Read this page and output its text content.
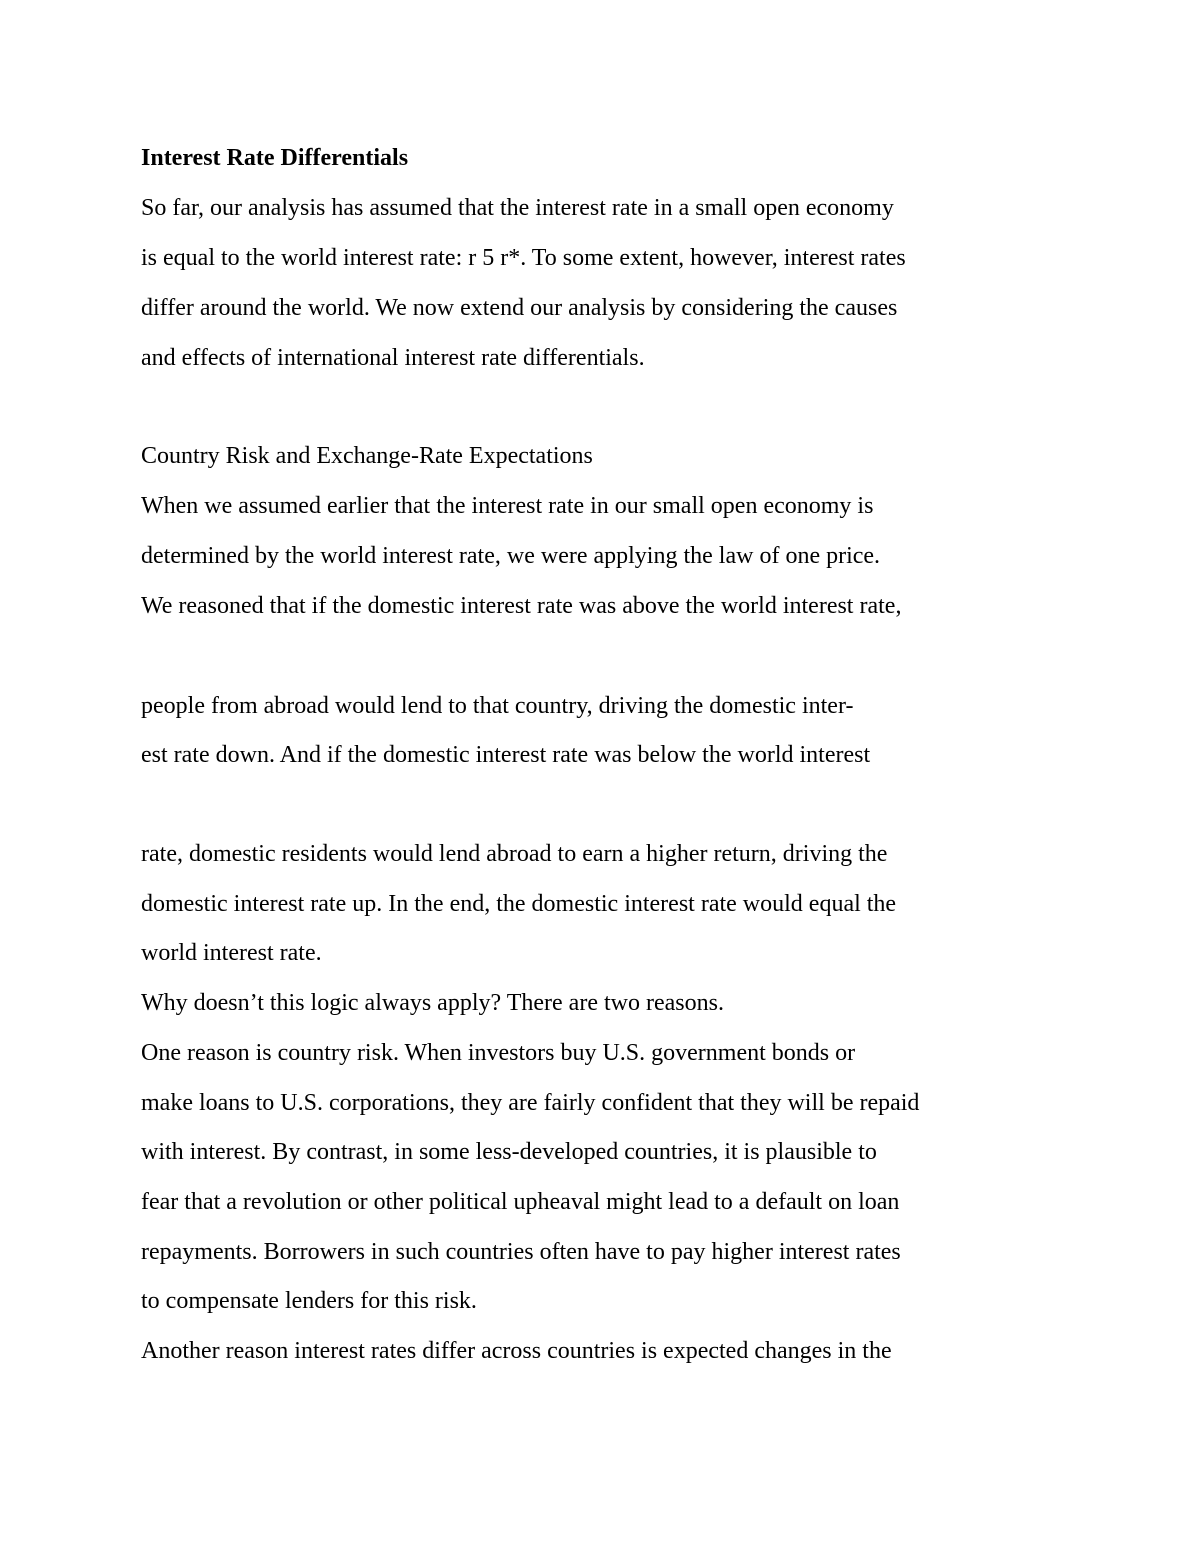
Interest Rate Differentials
So far, our analysis has assumed that the interest rate in a small open economy
is equal to the world interest rate: r 5 r*. To some extent, however, interest rates
differ around the world. We now extend our analysis by considering the causes
and effects of international interest rate differentials.
Country Risk and Exchange-Rate Expectations
When we assumed earlier that the interest rate in our small open economy is
determined by the world interest rate, we were applying the law of one price.
We reasoned that if the domestic interest rate was above the world interest rate,
people from abroad would lend to that country, driving the domestic inter-
est rate down. And if the domestic interest rate was below the world interest
rate, domestic residents would lend abroad to earn a higher return, driving the
domestic interest rate up. In the end, the domestic interest rate would equal the
world interest rate.
Why doesn’t this logic always apply? There are two reasons.
One reason is country risk. When investors buy U.S. government bonds or
make loans to U.S. corporations, they are fairly confident that they will be repaid
with interest. By contrast, in some less-developed countries, it is plausible to
fear that a revolution or other political upheaval might lead to a default on loan
repayments. Borrowers in such countries often have to pay higher interest rates
to compensate lenders for this risk.
Another reason interest rates differ across countries is expected changes in the
